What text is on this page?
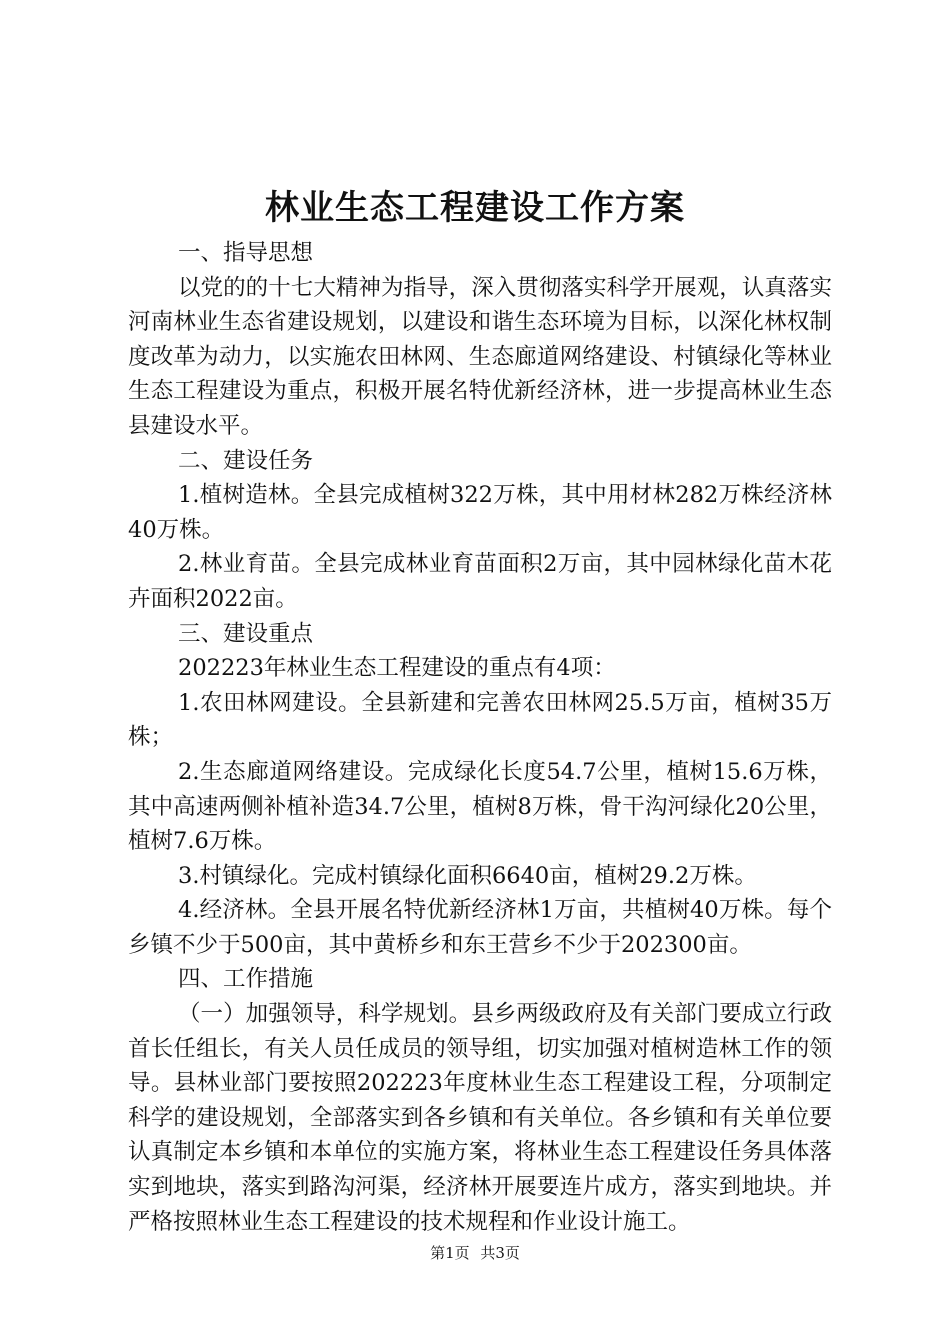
林业生态工程建设工作方案

一、指导思想

以党的的十七大精神为指导，深入贯彻落实科学开展观，认真落实河南林业生态省建设规划，以建设和谐生态环境为目标，以深化林权制度改革为动力，以实施农田林网、生态廊道网络建设、村镇绿化等林业生态工程建设为重点，积极开展名特优新经济林，进一步提高林业生态县建设水平。

二、建设任务

1.植树造林。全县完成植树322万株，其中用材林282万株经济林40万株。

2.林业育苗。全县完成林业育苗面积2万亩，其中园林绿化苗木花卉面积2022亩。

三、建设重点

202223年林业生态工程建设的重点有4项：

1.农田林网建设。全县新建和完善农田林网25.5万亩，植树35万株；

2.生态廊道网络建设。完成绿化长度54.7公里，植树15.6万株，其中高速两侧补植补造34.7公里，植树8万株，骨干沟河绿化20公里，植树7.6万株。

3.村镇绿化。完成村镇绿化面积6640亩，植树29.2万株。

4.经济林。全县开展名特优新经济林1万亩，共植树40万株。每个乡镇不少于500亩，其中黄桥乡和东王营乡不少于202300亩。

四、工作措施

（一）加强领导，科学规划。县乡两级政府及有关部门要成立行政首长任组长，有关人员任成员的领导组，切实加强对植树造林工作的领导。县林业部门要按照202223年度林业生态工程建设工程，分项制定科学的建设规划，全部落实到各乡镇和有关单位。各乡镇和有关单位要认真制定本乡镇和本单位的实施方案，将林业生态工程建设任务具体落实到地块，落实到路沟河渠，经济林开展要连片成方，落实到地块。并严格按照林业生态工程建设的技术规程和作业设计施工。

第1页 共3页
